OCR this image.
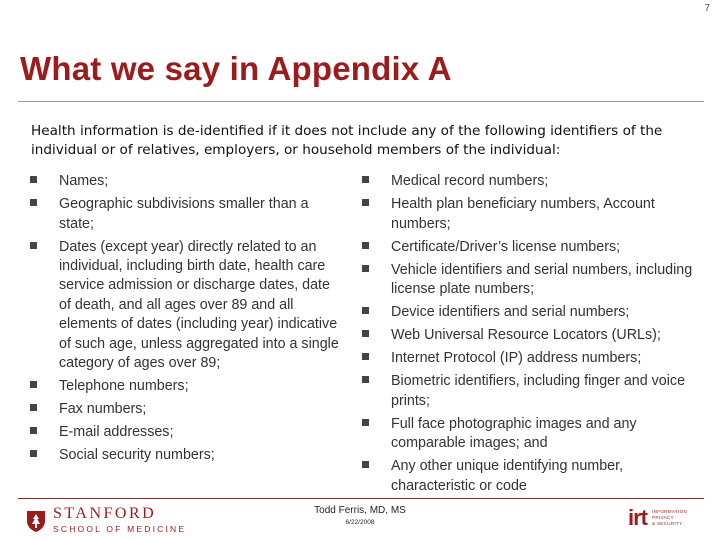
7
What we say in Appendix A

Health information is de-identified if it does not include any of the following identifiers of the individual or of relatives, employers, or household members of the individual:

Names;
Geographic subdivisions smaller than a state;
Dates (except year) directly related to an individual, including birth date, health care service admission or discharge dates, date of death, and all ages over 89 and all elements of dates (including year) indicative of such age, unless aggregated into a single category of ages over 89;
Telephone numbers;
Fax numbers;
E-mail addresses;
Social security numbers;
Medical record numbers;
Health plan beneficiary numbers, Account numbers;
Certificate/Driver’s license numbers;
Vehicle identifiers and serial numbers, including license plate numbers;
Device identifiers and serial numbers;
Web Universal Resource Locators (URLs);
Internet Protocol (IP) address numbers;
Biometric identifiers, including finger and voice prints;
Full face photographic images and any comparable images; and
Any other unique identifying number, characteristic or code
STANFORD
SCHOOL OF MEDICINE
Todd Ferris, MD, MS
6/22/2008	irt INFORMATION
PRIVACY
& SECURITY
